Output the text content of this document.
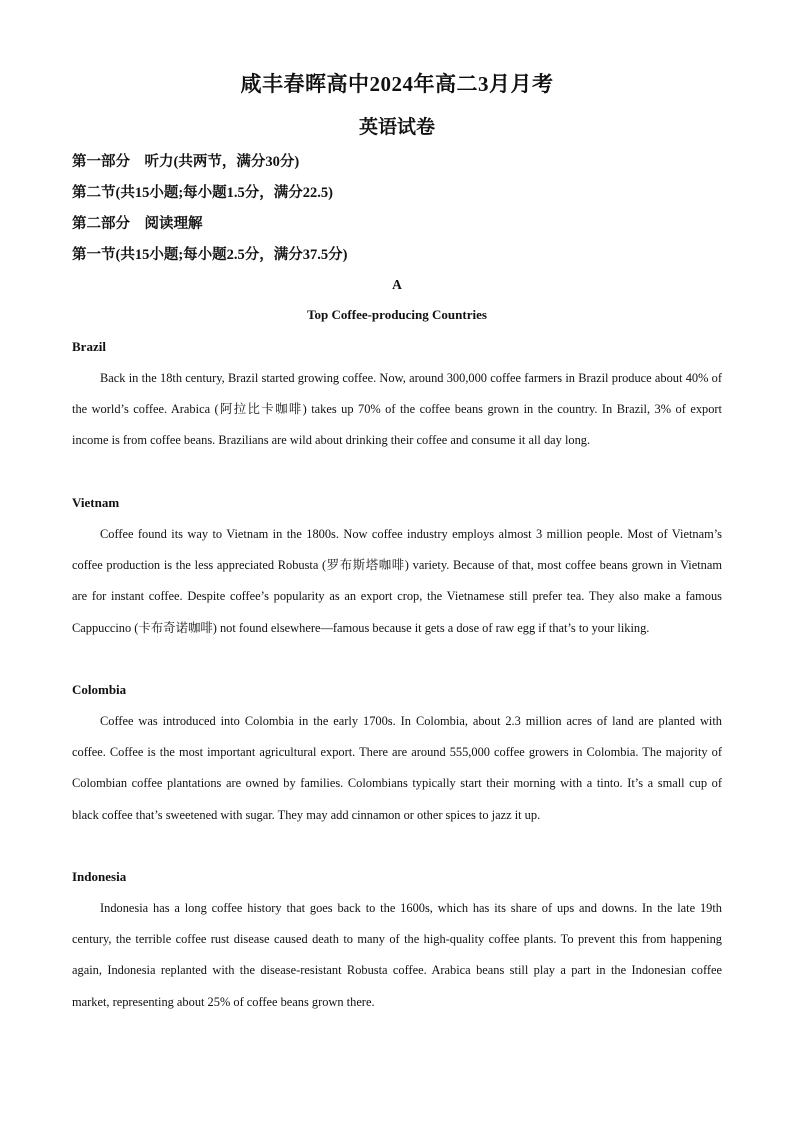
咸丰春晖高中2024年高二3月月考
英语试卷
第一部分　听力(共两节，满分30分)
第二节(共15小题;每小题1.5分，满分22.5)
第二部分　阅读理解
第一节(共15小题;每小题2.5分，满分37.5分)
A
Top Coffee-producing Countries
Brazil

Back in the 18th century, Brazil started growing coffee. Now, around 300,000 coffee farmers in Brazil produce about 40% of the world’s coffee. Arabica (阿拉比卡咖啡) takes up 70% of the coffee beans grown in the country. In Brazil, 3% of export income is from coffee beans. Brazilians are wild about drinking their coffee and consume it all day long.

Vietnam

Coffee found its way to Vietnam in the 1800s. Now coffee industry employs almost 3 million people. Most of Vietnam’s coffee production is the less appreciated Robusta (罗布斯塔咖啡) variety. Because of that, most coffee beans grown in Vietnam are for instant coffee. Despite coffee’s popularity as an export crop, the Vietnamese still prefer tea. They also make a famous Cappuccino (卡布奇诺咖啡) not found elsewhere—famous because it gets a dose of raw egg if that’s to your liking.

Colombia

Coffee was introduced into Colombia in the early 1700s. In Colombia, about 2.3 million acres of land are planted with coffee. Coffee is the most important agricultural export. There are around 555,000 coffee growers in Colombia. The majority of Colombian coffee plantations are owned by families. Colombians typically start their morning with a tinto. It’s a small cup of black coffee that’s sweetened with sugar. They may add cinnamon or other spices to jazz it up.

Indonesia

Indonesia has a long coffee history that goes back to the 1600s, which has its share of ups and downs. In the late 19th century, the terrible coffee rust disease caused death to many of the high-quality coffee plants. To prevent this from happening again, Indonesia replanted with the disease-resistant Robusta coffee. Arabica beans still play a part in the Indonesian coffee market, representing about 25% of coffee beans grown there.
